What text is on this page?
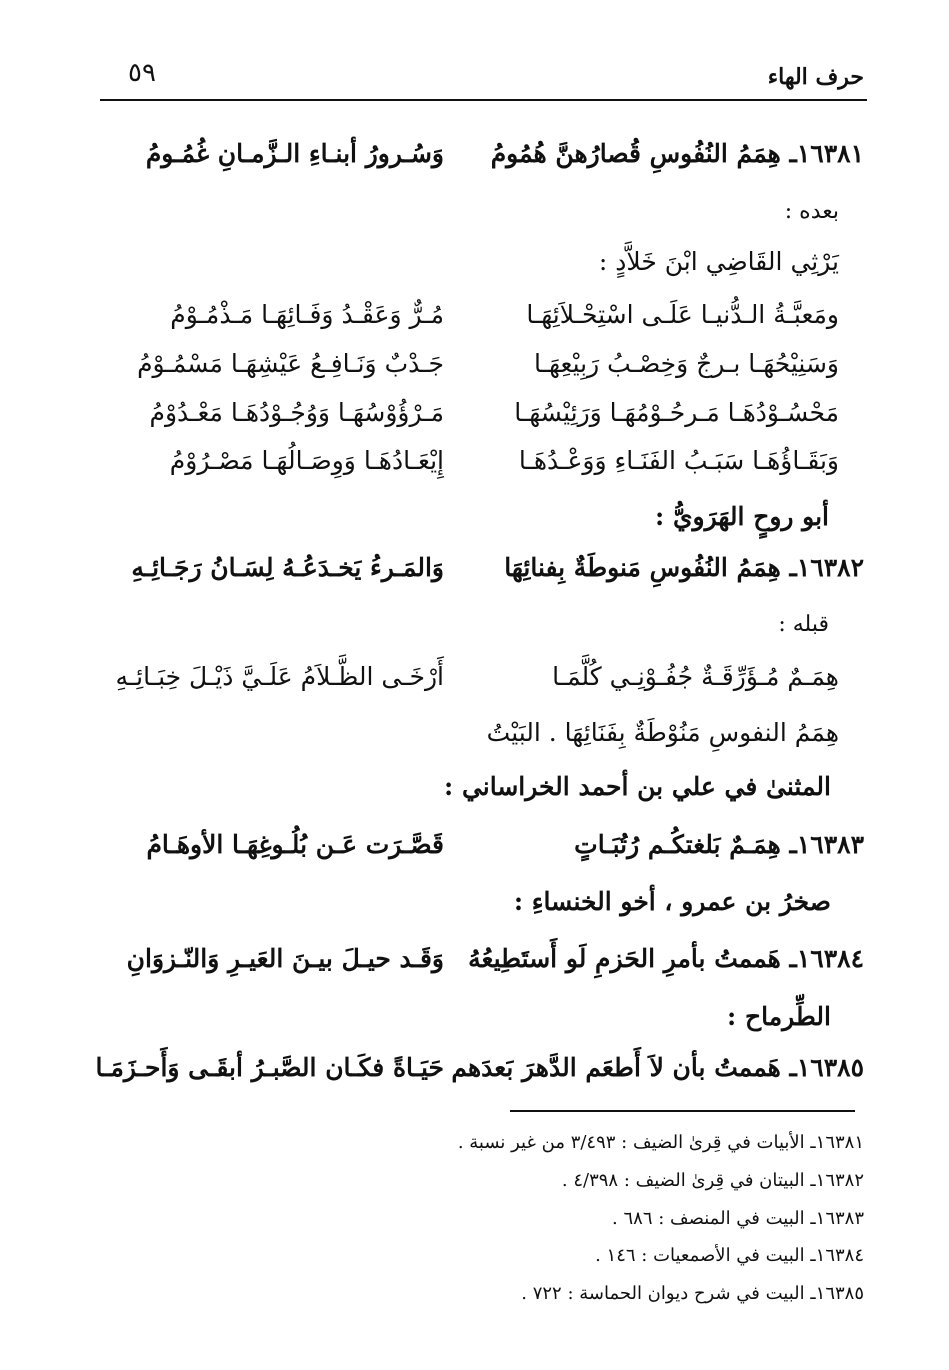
٥٩	حرف الهاء
١٦٣٨١ـ هِمَمُ النُفُوسِ قُصارُهنَّ هُمُومُ
وَسُـرورُ أبنـاءِ الـزَّمـانِ غُمُـومُ
بعده :
يَرْثِي القَاضِي ابْنَ خَلاَّدٍ :
ومَعبَّـةُ الـدُّنيـا عَلَـى اسْتِحْـلاَئِهَـا
مُـرٌّ وَعَقْـدُ وَفَـائِهَـا مَـذْمُـوْمُ
وَسَنِيْحُهَـا بـرجٌ وَخِصْـبُ رَبِيْعِهَـا
جَـدْبٌ وَنَـافِـعُ عَيْشِهَـا مَسْمُـوْمُ
مَحْسُـوْدُهَـا مَـرحُـوْمُهَـا وَرَئِيْسُهَـا
مَـرْؤُوْسُهَـا وَوُجُـوْدُهَـا مَعْـدُوْمُ
وَبَقَـاؤُهَـا سَبَـبُ الفَنَـاءِ وَوَعْـدُهَـا
إِيْعَـادُهَـا وَوِصَـالُهَـا مَصْـرُوْمُ
أبو روحٍ الهَرَويُّ :
١٦٣٨٢ـ هِمَمُ النُفُوسِ مَنوطَةٌ بِفنائِهَا
وَالمَـرءُ يَخـدَعُـهُ لِسَـانُ رَجَـائِـهِ
قبله :
هِمَـمٌ مُـؤَرِّقَـةٌ جُفُـوْنِـي كُلَّمَـا
أَرْخَـى الظَّـلاَمُ عَلَـيَّ ذَيْـلَ خِبَـائِـهِ
هِمَمُ النفوسِ مَنُوْطَةٌ بِفَنَائِهَا . البَيْتُ
المثنىٰ في علي بن أحمد الخراساني :
١٦٣٨٣ـ هِمَـمٌ بَلغتكُـم رُتُبَـاتٍ
قَصَّـرَت عَـن بُلُـوغِهَـا الأوهَـامُ
صخرُ بن عمرو ، أخو الخنساءِ :
١٦٣٨٤ـ هَممتُ بأمرِ الحَزمِ لَو أَستَطِيعُهُ
وَقَـد حيـلَ بيـنَ العَيـرِ وَالنّـزوَانِ
الطِّرماح :
١٦٣٨٥ـ هَممتُ بأن لاَ أَطعَم الدَّهرَ بَعدَهم
حَيَـاةً فكَـان الصَّبـرُ أبقَـى وَأَحـزَمَـا
١٦٣٨١ـ الأبيات في قِرىٰ الضيف : ٣/٤٩٣ من غير نسبة .
١٦٣٨٢ـ البيتان في قِرىٰ الضيف : ٤/٣٩٨ .
١٦٣٨٣ـ البيت في المنصف : ٦٨٦ .
١٦٣٨٤ـ البيت في الأصمعيات : ١٤٦ .
١٦٣٨٥ـ البيت في شرح ديوان الحماسة : ٧٢٢ .
